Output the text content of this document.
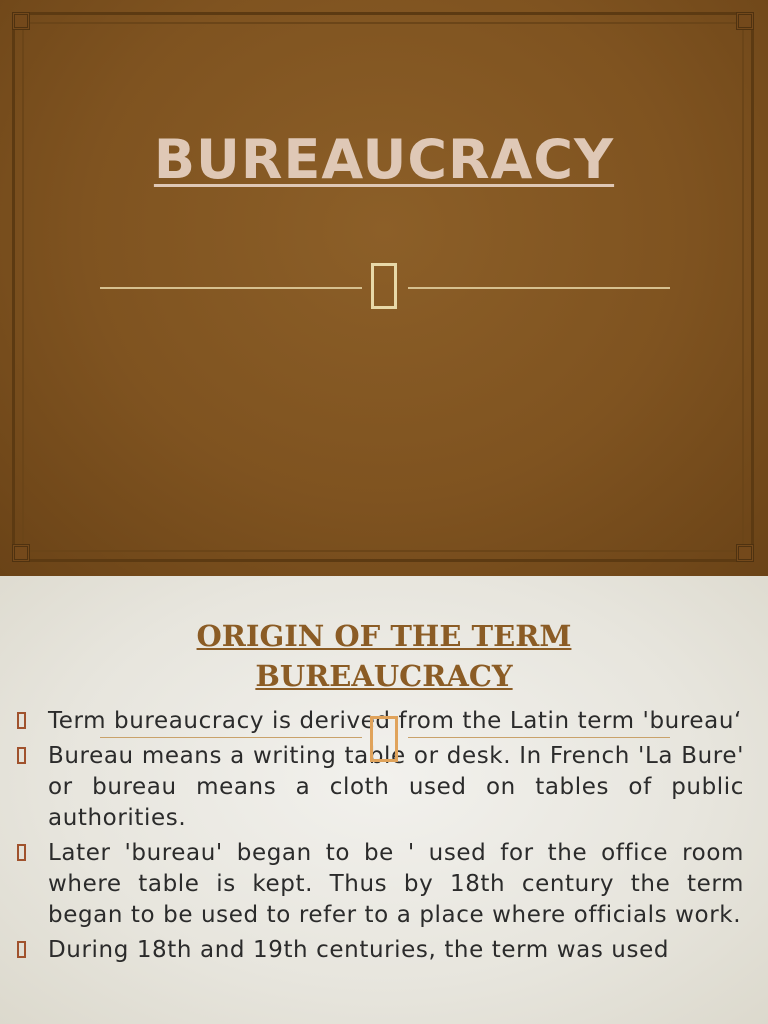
BUREAUCRACY
ORIGIN OF THE TERM
BUREAUCRACY
Term bureaucracy is derived from the Latin term 'bureau‘
Bureau means a writing table or desk. In French 'La Bure' or bureau means a cloth used on tables of public authorities.
Later 'bureau' began to be ' used for the office room where table is kept. Thus by 18th century the term began to be used to refer to a place where officials work.
During 18th and 19th centuries, the term was used
